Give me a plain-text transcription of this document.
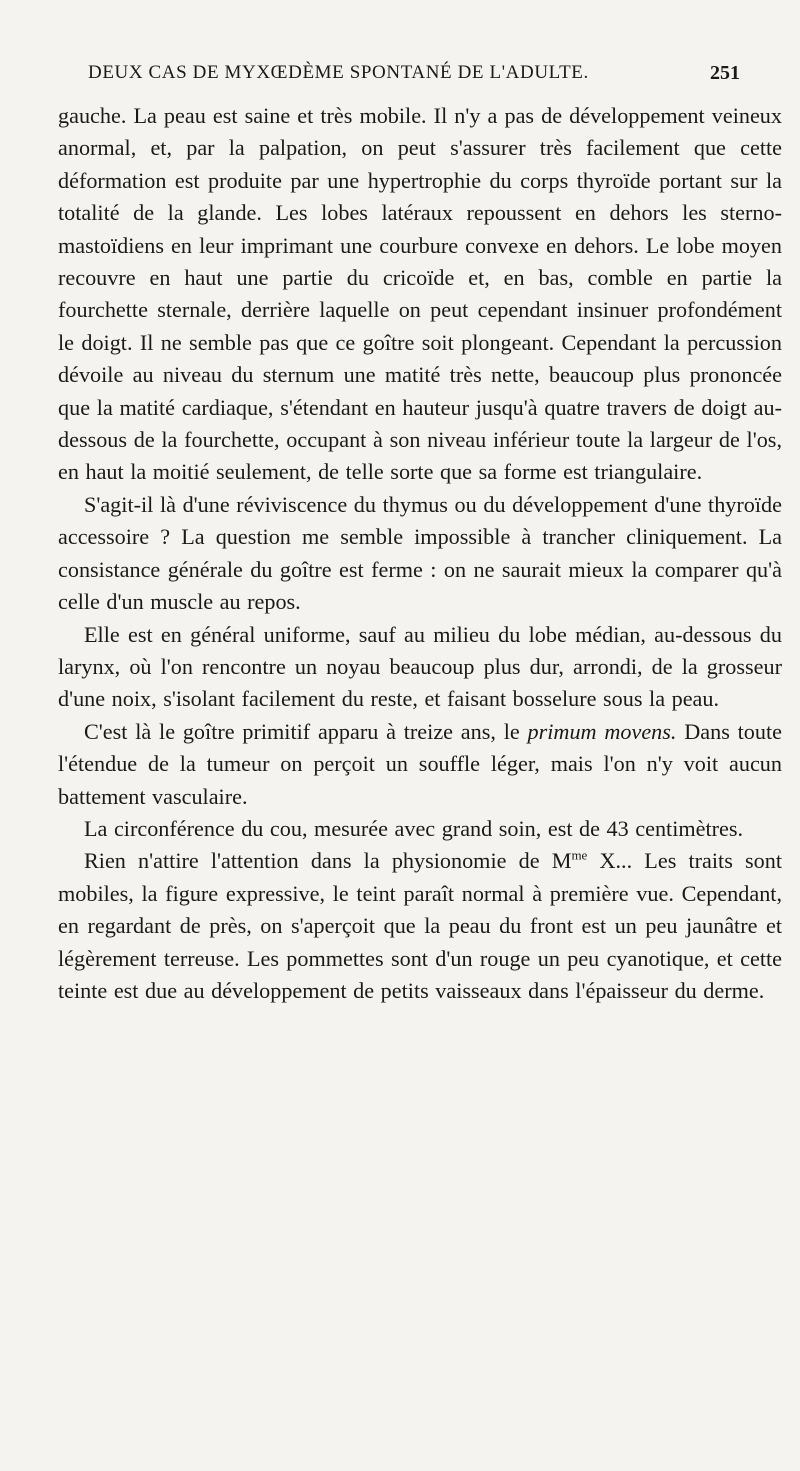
DEUX CAS DE MYXŒDÈME SPONTANÉ DE L'ADULTE.	251

gauche. La peau est saine et très mobile. Il n'y a pas de développement veineux anormal, et, par la palpation, on peut s'assurer très facilement que cette déformation est produite par une hypertrophie du corps thyroïde portant sur la totalité de la glande. Les lobes latéraux repoussent en dehors les sterno-mastoïdiens en leur imprimant une courbure convexe en dehors. Le lobe moyen recouvre en haut une partie du cricoïde et, en bas, comble en partie la fourchette sternale, derrière laquelle on peut cependant insinuer profondément le doigt. Il ne semble pas que ce goître soit plongeant. Cependant la percussion dévoile au niveau du sternum une matité très nette, beaucoup plus prononcée que la matité cardiaque, s'étendant en hauteur jusqu'à quatre travers de doigt au-dessous de la fourchette, occupant à son niveau inférieur toute la largeur de l'os, en haut la moitié seulement, de telle sorte que sa forme est triangulaire.

S'agit-il là d'une réviviscence du thymus ou du développement d'une thyroïde accessoire ? La question me semble impossible à trancher cliniquement. La consistance générale du goître est ferme : on ne saurait mieux la comparer qu'à celle d'un muscle au repos.

Elle est en général uniforme, sauf au milieu du lobe médian, au-dessous du larynx, où l'on rencontre un noyau beaucoup plus dur, arrondi, de la grosseur d'une noix, s'isolant facilement du reste, et faisant bosselure sous la peau.

C'est là le goître primitif apparu à treize ans, le primum movens. Dans toute l'étendue de la tumeur on perçoit un souffle léger, mais l'on n'y voit aucun battement vasculaire.

La circonférence du cou, mesurée avec grand soin, est de 43 centimètres.

Rien n'attire l'attention dans la physionomie de $M^{me}$ X... Les traits sont mobiles, la figure expressive, le teint paraît normal à première vue. Cependant, en regardant de près, on s'aperçoit que la peau du front est un peu jaunâtre et légèrement terreuse. Les pommettes sont d'un rouge un peu cyanotique, et cette teinte est due au développement de petits vaisseaux dans l'épaisseur du derme.
